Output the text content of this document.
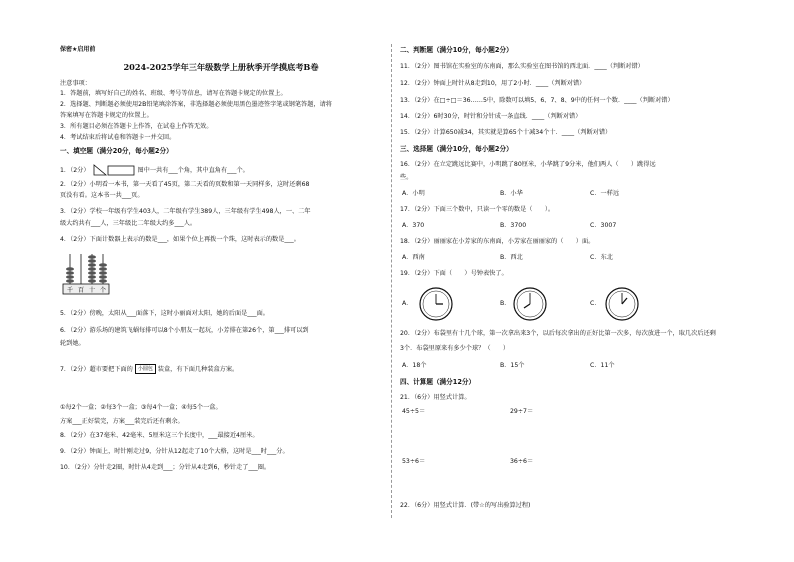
保密★启用前
2024-2025学年三年级数学上册秋季开学摸底考B卷
注意事项：
1．答题前，填写好自己的姓名、班级、考号等信息，请写在答题卡规定的位置上。
2．选择题、判断题必须使用2B铅笔填涂答案，非选择题必须使用黑色墨迹签字笔或钢笔答题，请将
答案填写在答题卡规定的位置上。
3．所有题目必须在答题卡上作答，在试卷上作答无效。
4．考试结束后将试卷和答题卡一并交回。
一、填空题（满分20分，每小题2分）
1．（2分）	图中一共有___个角，其中直角有___个。
2．（2分）小明看一本书，第一天看了45页，第二天看的页数和第一天同样多，这时还剩68
页没有看。这本书一共___页。
3．（2分）学校一年级有学生403人，二年级有学生389人，三年级有学生498人，一、二年
级大约共有___人，三年级比二年级大约多___人。
4．（2分）下面计数器上表示的数是___，如果个位上再拨一个珠，这时表示的数是___。
千 百 十 个
5．（2分）傍晚，太阳从___面落下，这时小丽面对太阳，她的后面是___面。
6．（2分）游乐场的建筑飞蜗每排可以8个小朋友一起玩，小芳排在第26个，第___排可以到
轮到她。
7．（2分）超市要把下面的 小圆包 装盒，有下面几种装盒方案。
①每2个一盒；②每3个一盒；③每4个一盒；④每5个一盒。
方案___正好装完，方案___装完后还有剩余。
8．（2分）在37毫米、42毫米、5厘米这三个长度中，___最接近4厘米。
9．（2分）钟面上，时针刚走过9，分针从12起走了10个大格，这时是___时___分。
10．（2分）分针走2圈，时针从4走到___；分针从4走到6，秒针走了___圈。
二、判断题（满分10分，每小题2分）
11．（2分）图书馆在实验室的东南面，那么实验室在图书馆的西北面．____（判断对错）
12．（2分）钟面上时针从8走到10，用了2小时．____（判断对错）
13．（2分）在□÷□＝36……5中，除数可以填5、6、7、8、9中的任何一个数．____（判断对错）
14．（2分）6时30分，时针和分针成一条直线．____（判断对错）
15．（2分）计算650减34，其实就是算65个十减34个十．____（判断对错）
三、选择题（满分10分，每小题2分）
16．（2分）在立定跳远比赛中，小明跳了80厘米，小华跳了9分米，他们两人（　　）跳得远
些。
A．小明	B．小华	C．一样远
17．（2分）下面三个数中，只读一个零的数是（　　）。
A．370	B．3700	C．3007
18．（2分）丽丽家在小芳家的东南面，小芳家在丽丽家的（　　）面。
A．西南	B．西北	C．东北
19．（2分）下面（　　）号钟表快了。
A．	B．	C．
20．（2分）布袋里有十几个球，第一次拿出来3个，以后每次拿出的正好比第一次多，每次放进一个，取几次后还剩
3个．布袋里原来有多少个球？（　　）
A．18个	B．15个	C．11个
四、计算题（满分12分）
21．（6分）用竖式计算。
45÷5＝	29÷7＝
53÷6＝	36÷6＝
22．（6分）用竖式计算．(带☆的写出验算过程)
